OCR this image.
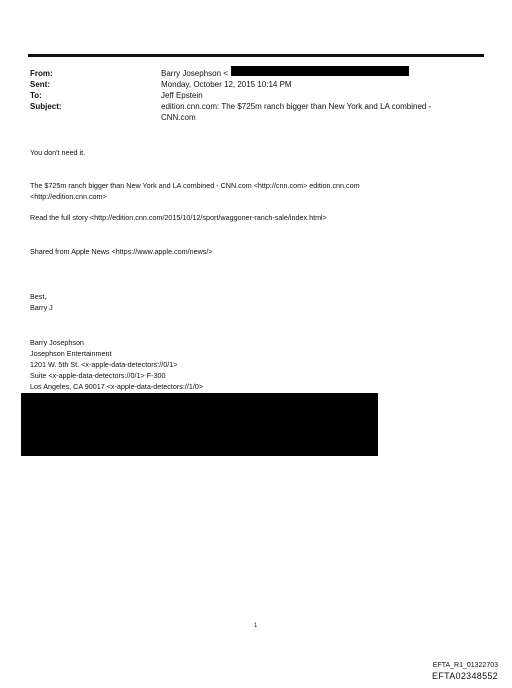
From:
Sent:
To:
Subject:
Barry Josephson <
Monday, October 12, 2015 10:14 PM
Jeff Epstein
edition.cnn.com: The $725m ranch bigger than New York and LA combined -
CNN.com
You don't need it.
The $725m ranch bigger than New York and LA combined - CNN.com <http://cnn.com> edition.cnn.com
<http://edition.cnn.com>
Read the full story <http://edition.cnn.com/2015/10/12/sport/waggoner-ranch-sale/index.html>
Shared from Apple News <https://www.apple.com/news/>
Best,
Barry J
Barry Josephson
Josephson Entertainment
1201 W. 5th St. <x-apple-data-detectors://0/1>
Suite <x-apple-data-detectors://0/1> F-300
Los Angeles, CA 90017 <x-apple-data-detectors://1/0>
1
EFTA_R1_01322703
EFTA02348552
